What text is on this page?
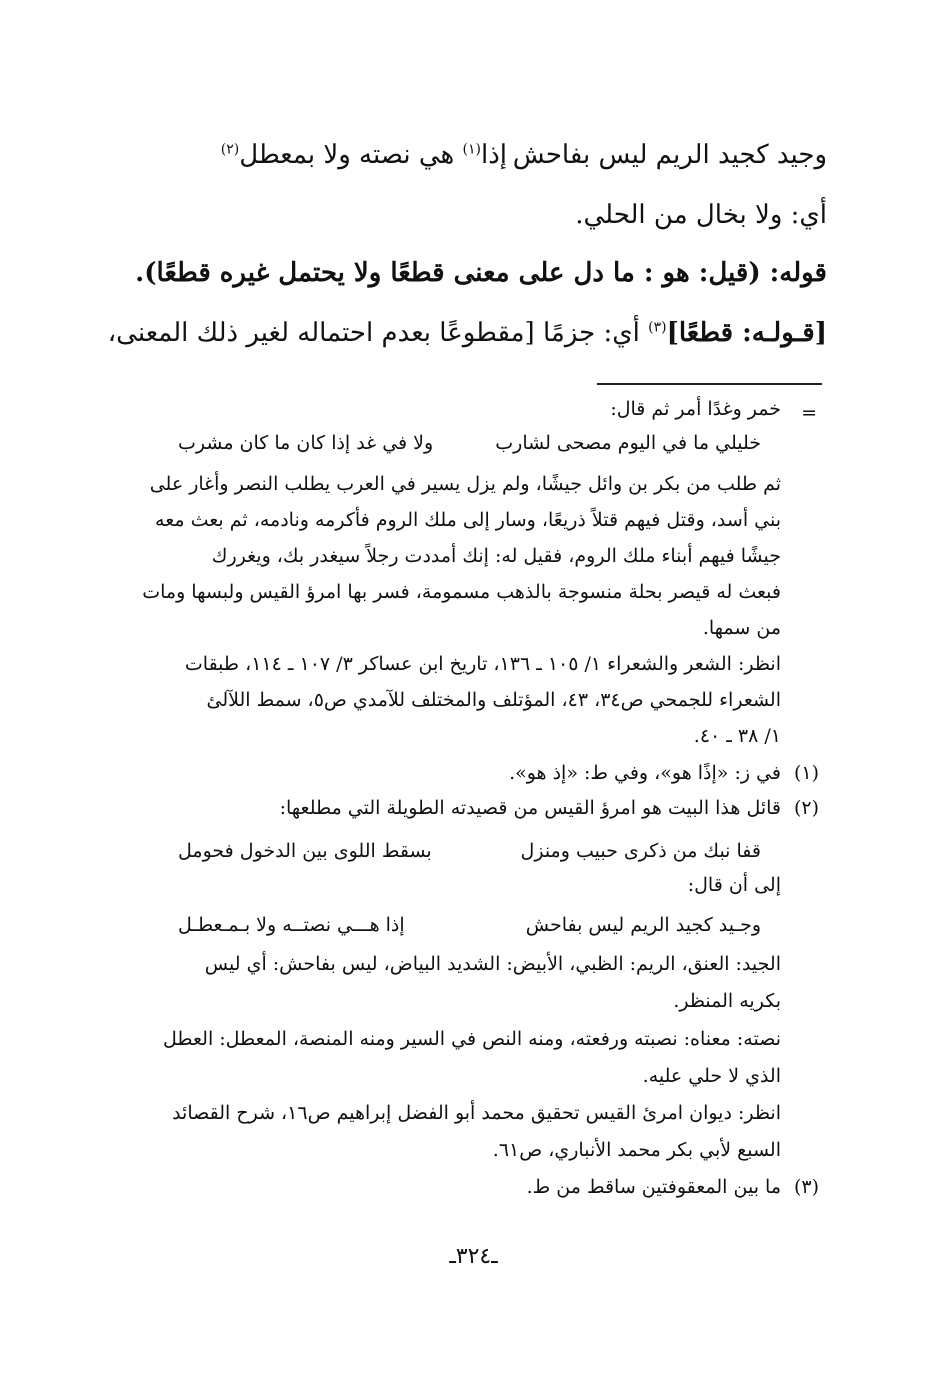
وجيد كجيد الريم ليس بفاحش
إذا$^{(١)}$ هي نصته ولا بمعطل$^{(٢)}$
أي: ولا بخال من الحلي.
قوله: (قيل: هو : ما دل على معنى قطعًا ولا يحتمل غيره قطعًا).
[قـولـه: قطعًا]$^{(٣)}$ أي: جزمًا [مقطوعًا بعدم احتماله لغير ذلك المعنى،
=
خمر وغدًا أمر ثم قال:
خليلي ما في اليوم مصحى لشارب
ولا في غد إذا كان ما كان مشرب
ثم طلب من بكر بن وائل جيشًا، ولم يزل يسير في العرب يطلب النصر وأغار على
بني أسد، وقتل فيهم قتلاً ذريعًا، وسار إلى ملك الروم فأكرمه ونادمه، ثم بعث معه
جيشًا فيهم أبناء ملك الروم، فقيل له: إنك أمددت رجلاً سيغدر بك، ويغررك
فبعث له قيصر بحلة منسوجة بالذهب مسمومة، فسر بها امرؤ القيس ولبسها ومات
من سمها.
انظر: الشعر والشعراء ١/ ١٠٥ ـ ١٣٦، تاريخ ابن عساكر ٣/ ١٠٧ ـ ١١٤، طبقات
الشعراء للجمحي ص٣٤، ٤٣، المؤتلف والمختلف للآمدي ص٥، سمط اللآلئ
١/ ٣٨ ـ ٤٠.
(١)
في ز: «إذًا هو»، وفي ط: «إذ هو».
(٢)
قائل هذا البيت هو امرؤ القيس من قصيدته الطويلة التي مطلعها:
قفا نبك من ذكرى حبيب ومنزل
بسقط اللوى بين الدخول فحومل
إلى أن قال:
وجـيد كجيد الريم ليس بفاحش
إذا هـــي نصتــه ولا بـمـعطـل
الجيد: العنق، الريم: الظبي، الأبيض: الشديد البياض، ليس بفاحش: أي ليس
بكريه المنظر.
نصته: معناه: نصبته ورفعته، ومنه النص في السير ومنه المنصة، المعطل: العطل
الذي لا حلي عليه.
انظر: ديوان امرئ القيس تحقيق محمد أبو الفضل إبراهيم ص١٦، شرح القصائد
السبع لأبي بكر محمد الأنباري، ص٦١.
(٣)
ما بين المعقوفتين ساقط من ط.
ـ٣٢٤ـ
